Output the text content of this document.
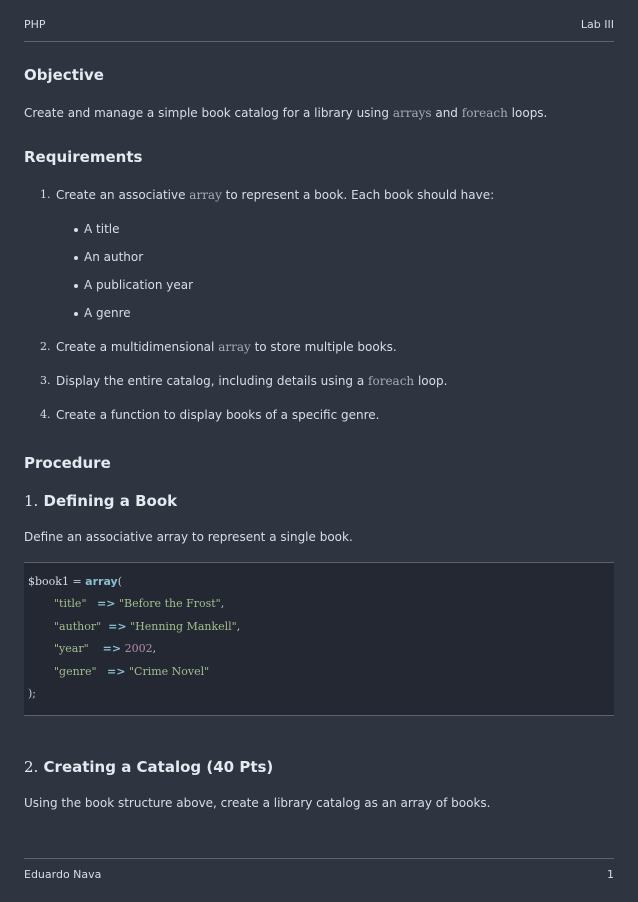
PHP	Lab III
Objective

Create and manage a simple book catalog for a library using arrays and foreach loops.

Requirements
1. Create an associative array to represent a book. Each book should have:
A title
An author
A publication year
A genre
2. Create a multidimensional array to store multiple books.
3. Display the entire catalog, including details using a foreach loop.
4. Create a function to display books of a specific genre.
Procedure
1. Defining a Book

Define an associative array to represent a single book.

$book1 = array(
"title" => "Before the Frost",
"author" => "Henning Mankell",
"year" => 2002,
"genre" => "Crime Novel"
);
2. Creating a Catalog (40 Pts)

Using the book structure above, create a library catalog as an array of books.

Eduardo Nava	1
